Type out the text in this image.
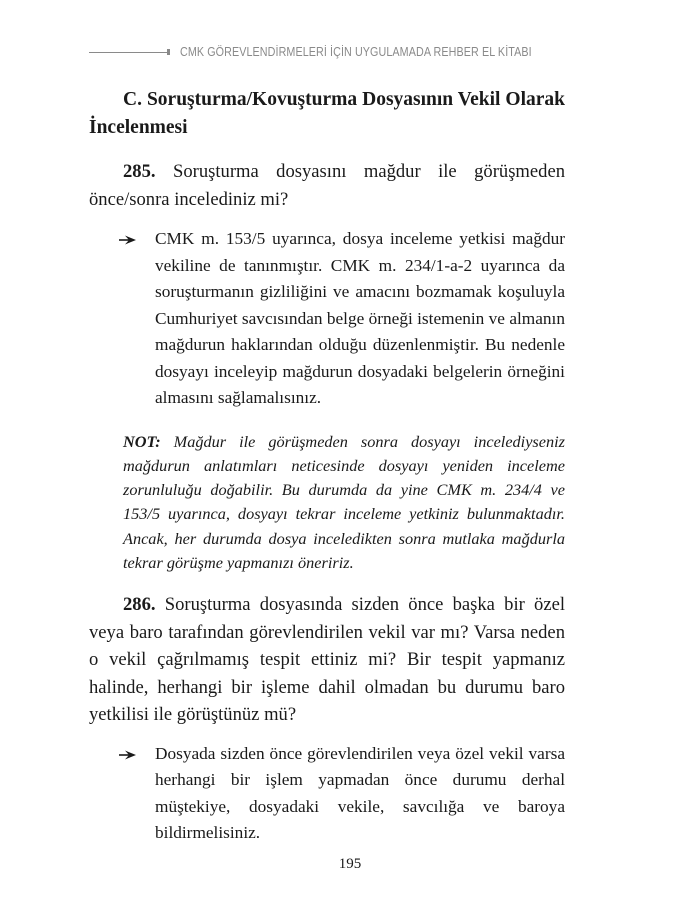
CMK GÖREVLENDİRMELERİ İÇİN UYGULAMADA REHBER EL KİTABI
C. Soruşturma/Kovuşturma Dosyasının Vekil Olarak İncelenmesi

285. Soruşturma dosyasını mağdur ile görüşmeden önce/sonra incelediniz mi?

CMK m. 153/5 uyarınca, dosya inceleme yetkisi mağdur vekiline de tanınmıştır. CMK m. 234/1-a-2 uyarınca da soruşturmanın gizliliğini ve amacını bozmamak koşuluyla Cumhuriyet savcısından belge örneği istemenin ve almanın mağdurun haklarından olduğu düzenlenmiştir. Bu nedenle dosyayı inceleyip mağdurun dosyadaki belgelerin örneğini almasını sağlamalısınız.

NOT: Mağdur ile görüşmeden sonra dosyayı incelediyseniz mağdurun anlatımları neticesinde dosyayı yeniden inceleme zorunluluğu doğabilir. Bu durumda da yine CMK m. 234/4 ve 153/5 uyarınca, dosyayı tekrar inceleme yetkiniz bulunmaktadır. Ancak, her durumda dosya inceledikten sonra mutlaka mağdurla tekrar görüşme yapmanızı öneririz.

286. Soruşturma dosyasında sizden önce başka bir özel veya baro tarafından görevlendirilen vekil var mı? Varsa neden o vekil çağrılmamış tespit ettiniz mi? Bir tespit yapmanız halinde, herhangi bir işleme dahil olmadan bu durumu baro yetkilisi ile görüştünüz mü?

Dosyada sizden önce görevlendirilen veya özel vekil varsa herhangi bir işlem yapmadan önce durumu derhal müştekiye, dosyadaki vekile, savcılığa ve baroya bildirmelisiniz.

195
